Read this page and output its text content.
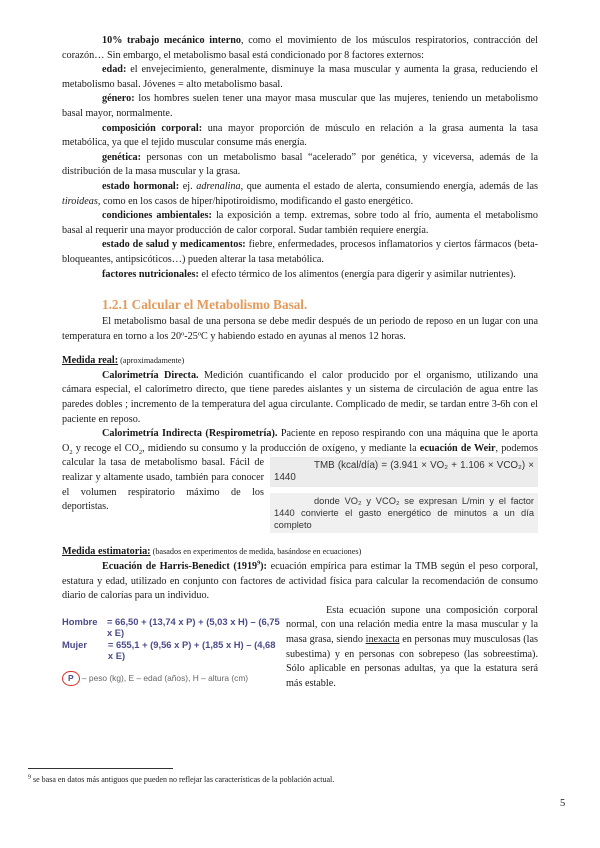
10% trabajo mecánico interno, como el movimiento de los músculos respiratorios, contracción del corazón… Sin embargo, el metabolismo basal está condicionado por 8 factores externos:

edad: el envejecimiento, generalmente, disminuye la masa muscular y aumenta la grasa, reduciendo el metabolismo basal. Jóvenes = alto metabolismo basal.

género: los hombres suelen tener una mayor masa muscular que las mujeres, teniendo un metabolismo basal mayor, normalmente.

composición corporal: una mayor proporción de músculo en relación a la grasa aumenta la tasa metabólica, ya que el tejido muscular consume más energía.

genética: personas con un metabolismo basal “acelerado” por genética, y viceversa, además de la distribución de la masa muscular y la grasa.

estado hormonal: ej. adrenalina, que aumenta el estado de alerta, consumiendo energía, además de las tiroideas, como en los casos de hiper/hipotiroidismo, modificando el gasto energético.

condiciones ambientales: la exposición a temp. extremas, sobre todo al frío, aumenta el metabolismo basal al requerir una mayor producción de calor corporal. Sudar también requiere energía.

estado de salud y medicamentos: fiebre, enfermedades, procesos inflamatorios y ciertos fármacos (beta-bloqueantes, antipsicóticos…) pueden alterar la tasa metabólica.

factores nutricionales: el efecto térmico de los alimentos (energía para digerir y asimilar nutrientes).

1.2.1 Calcular el Metabolismo Basal.

El metabolismo basal de una persona se debe medir después de un periodo de reposo en un lugar con una temperatura en torno a los 20º-25ºC y habiendo estado en ayunas al menos 12 horas.

Medida real: (aproximadamente)

Calorimetría Directa. Medición cuantificando el calor producido por el organismo, utilizando una cámara especial, el calorímetro directo, que tiene paredes aislantes y un sistema de circulación de agua entre las paredes dobles ; incremento de la temperatura del agua circulante. Complicado de medir, se tardan entre 3-6h con el paciente en reposo.

Calorimetría Indirecta (Respirometría). Paciente en reposo respirando con una máquina que le aporta $O_2$ y recoge el $CO_2$, midiendo su consumo y la producción de oxígeno, y mediante la ecuación de Weir
TMB (kcal/día) = (3.941 × VO₂ + 1.106 × VCO₂) × 1440
donde VO₂ y VCO₂ se expresan L/min y el factor 1440 convierte el gasto energético de minutos a un día completo
, podemos calcular la tasa de metabolismo basal. Fácil de realizar y altamente usado, también para conocer el volumen respiratorio máximo de los deportistas.

Medida estimatoria: (basados en experimentos de medida, basándose en ecuaciones)

Ecuación de Harris-Benedict (1919$^9$): ecuación empírica para estimar la TMB según el peso corporal, estatura y edad, utilizado en conjunto con factores de actividad física para calcular la recomendación de consumo diario de calorías para un individuo.

Hombre	= 66,50 + (13,74 x P) + (5,03 x H) – (6,75 x E)
Mujer	= 655,1 + (9,56 x P) + (1,85 x H) – (4,68 x E)
P – peso (kg), E – edad (años), H – altura (cm)

Esta ecuación supone una composición corporal normal, con una relación media entre la masa muscular y la masa grasa, siendo inexacta en personas muy musculosas (las subestima) y en personas con sobrepeso (las sobreestima). Sólo aplicable en personas adultas, ya que la estatura será más estable.

$^9$ se basa en datos más antiguos que pueden no reflejar las características de la población actual.
5
